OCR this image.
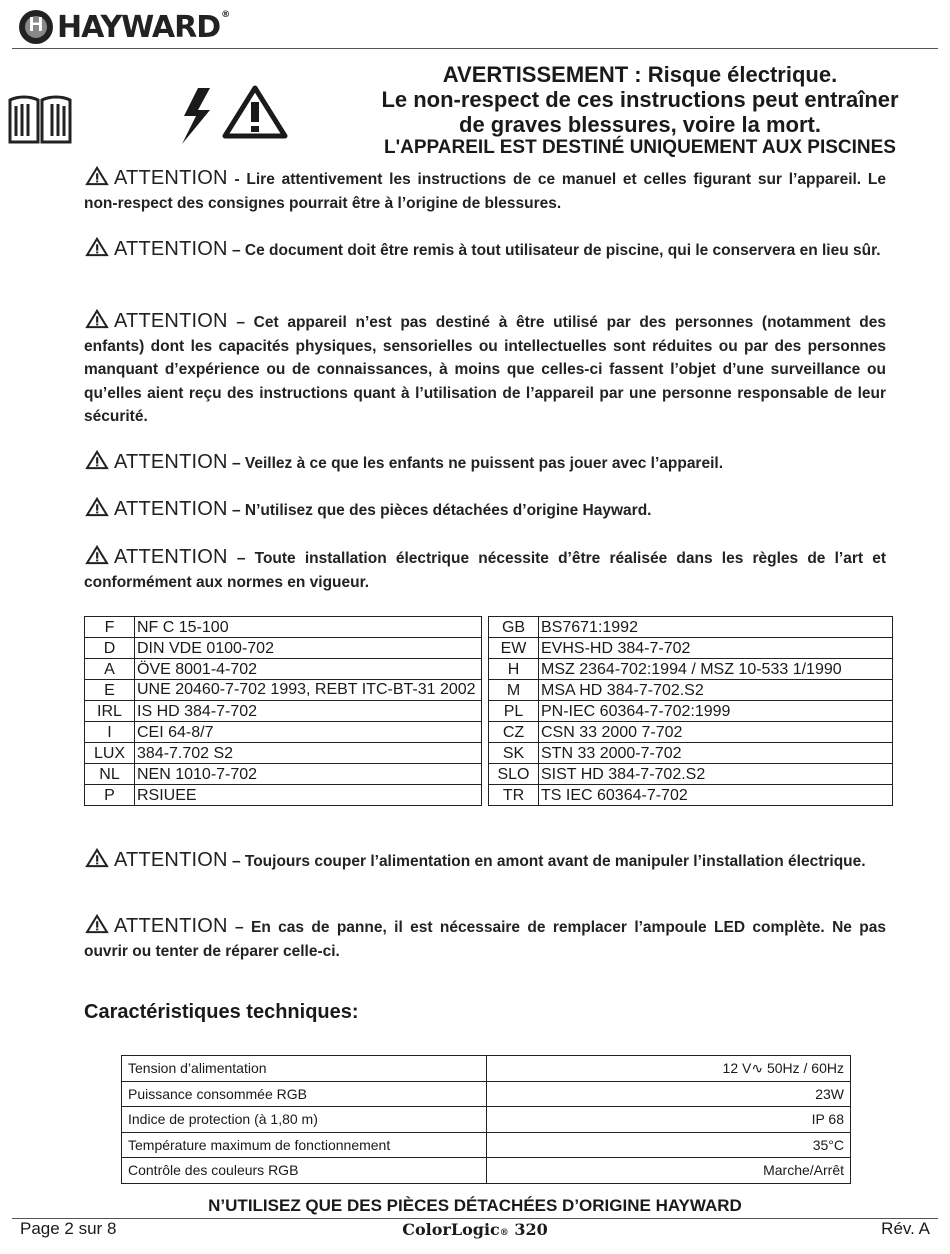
H
HAYWARD®
AVERTISSEMENT : Risque électrique.
Le non-respect de ces instructions peut entraîner
de graves blessures, voire la mort.
L'APPAREIL EST DESTINÉ UNIQUEMENT AUX PISCINES
ATTENTION - Lire attentivement les instructions de ce manuel et celles figurant sur l’appareil. Le non-respect des consignes pourrait être à l’origine de blessures.
ATTENTION – Ce document doit être remis à tout utilisateur de piscine, qui le conservera en lieu sûr.
ATTENTION – Cet appareil n’est pas destiné à être utilisé par des personnes (notamment des enfants) dont les capacités physiques, sensorielles ou intellectuelles sont réduites ou par des personnes manquant d’expérience ou de connaissances, à moins que celles-ci fassent l’objet d’une surveillance ou qu’elles aient reçu des instructions quant à l’utilisation de l’appareil par une personne responsable de leur sécurité.
ATTENTION – Veillez à ce que les enfants ne puissent pas jouer avec l’appareil.
ATTENTION – N’utilisez que des pièces détachées d’origine Hayward.
ATTENTION – Toute installation électrique nécessite d’être réalisée dans les règles de l’art et conformément aux normes en vigueur.
F	NF C 15-100		GB	BS7671:1992
D	DIN VDE 0100-702		EW	EVHS-HD 384-7-702
A	ÖVE 8001-4-702		H	MSZ 2364-702:1994 / MSZ 10-533 1/1990
E	UNE 20460-7-702 1993, REBT ITC-BT-31 2002		M	MSA HD 384-7-702.S2
IRL	IS HD 384-7-702		PL	PN-IEC 60364-7-702:1999
I	CEI 64-8/7		CZ	CSN 33 2000 7-702
LUX	384-7.702 S2		SK	STN 33 2000-7-702
NL	NEN 1010-7-702		SLO	SIST HD 384-7-702.S2
P	RSIUEE		TR	TS IEC 60364-7-702
ATTENTION – Toujours couper l’alimentation en amont avant de manipuler l’installation électrique.
ATTENTION – En cas de panne, il est nécessaire de remplacer l’ampoule LED complète. Ne pas ouvrir ou tenter de réparer celle-ci.
Caractéristiques techniques:
Tension d’alimentation	12 V∿ 50Hz / 60Hz
Puissance consommée RGB	23W
Indice de protection (à 1,80 m)	IP 68
Température maximum de fonctionnement	35°C
Contrôle des couleurs RGB	Marche/Arrêt
N’UTILISEZ QUE DES PIÈCES DÉTACHÉES D’ORIGINE HAYWARD
Page 2 sur 8	ColorLogic® 320	Rév. A
